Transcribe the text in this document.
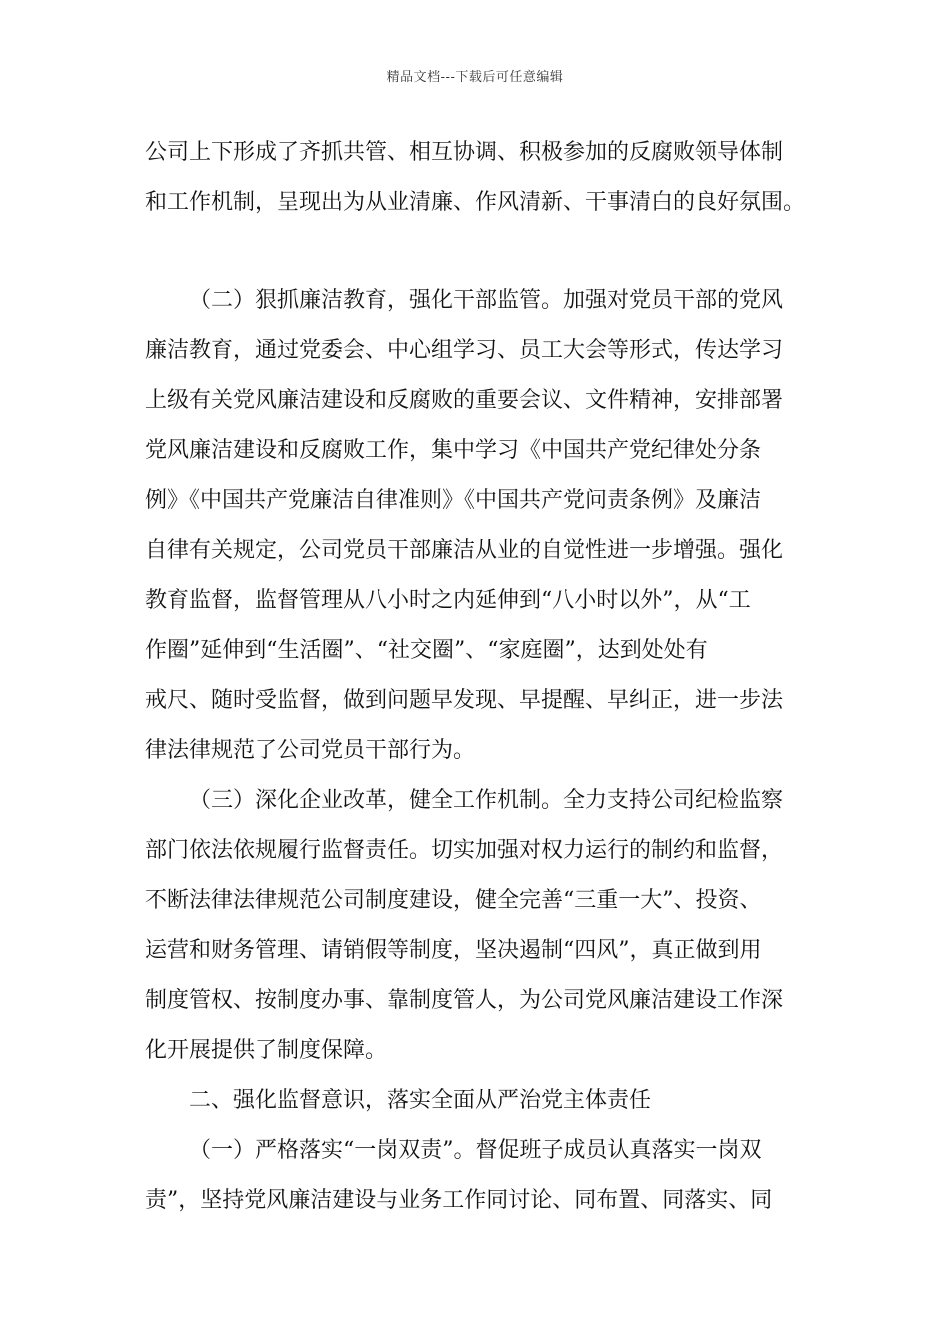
精品文档---下载后可任意编辑
公司上下形成了齐抓共管、相互协调、积极参加的反腐败领导体制
和工作机制，呈现出为从业清廉、作风清新、干事清白的良好氛围。
（二）狠抓廉洁教育，强化干部监管。加强对党员干部的党风
廉洁教育，通过党委会、中心组学习、员工大会等形式，传达学习
上级有关党风廉洁建设和反腐败的重要会议、文件精神，安排部署
党风廉洁建设和反腐败工作，集中学习《中国共产党纪律处分条
例》《中国共产党廉洁自律准则》《中国共产党问责条例》及廉洁
自律有关规定，公司党员干部廉洁从业的自觉性进一步增强。强化
教育监督，监督管理从八小时之内延伸到“八小时以外”，从“工
作圈”延伸到“生活圈”、“社交圈”、“家庭圈”，达到处处有
戒尺、随时受监督，做到问题早发现、早提醒、早纠正，进一步法
律法律规范了公司党员干部行为。
（三）深化企业改革，健全工作机制。全力支持公司纪检监察
部门依法依规履行监督责任。切实加强对权力运行的制约和监督，
不断法律法律规范公司制度建设，健全完善“三重一大”、投资、
运营和财务管理、请销假等制度，坚决遏制“四风”，真正做到用
制度管权、按制度办事、靠制度管人，为公司党风廉洁建设工作深
化开展提供了制度保障。
二、强化监督意识，落实全面从严治党主体责任
（一）严格落实“一岗双责”。督促班子成员认真落实一岗双
责”，坚持党风廉洁建设与业务工作同讨论、同布置、同落实、同
